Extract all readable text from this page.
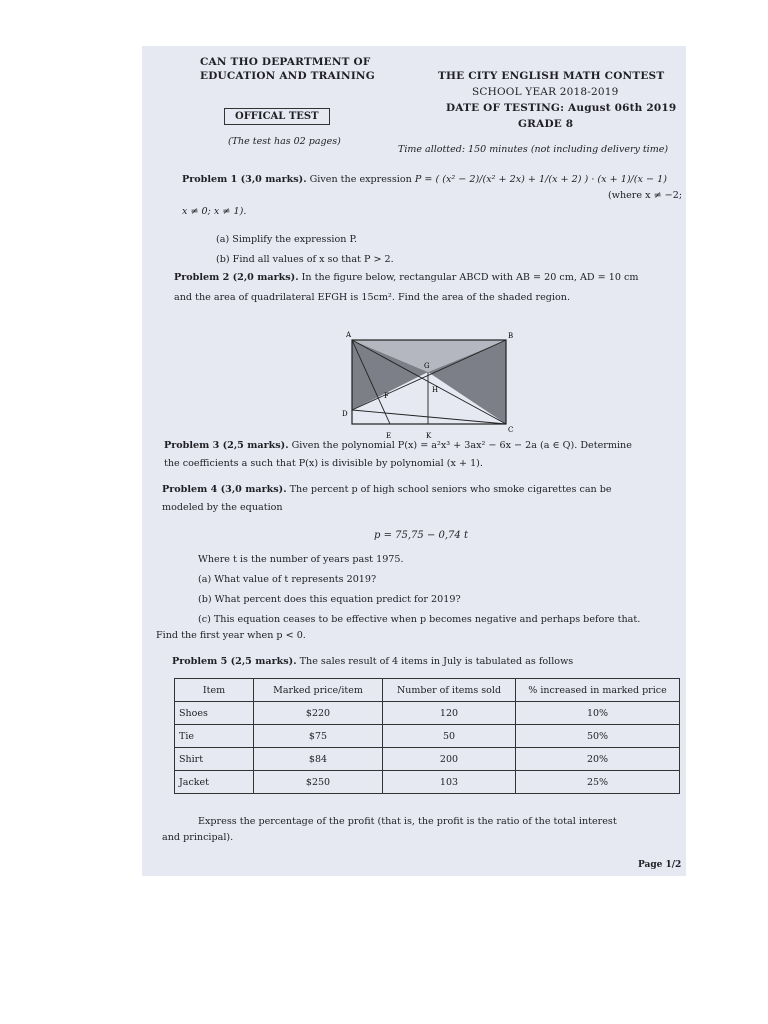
CAN THO DEPARTMENT OF
EDUCATION AND TRAINING
OFFICAL TEST
(The test has 02 pages)
THE CITY ENGLISH MATH CONTEST
SCHOOL YEAR 2018-2019
DATE OF TESTING: August 06th 2019
GRADE 8
Time allotted: 150 minutes (not including delivery time)
Problem 1 (3,0 marks). Given the expression P = ( (x² − 2)/(x² + 2x) + 1/(x + 2) ) · (x + 1)/(x − 1)
(where x ≠ −2;
x ≠ 0; x ≠ 1).
(a) Simplify the expression P.
(b) Find all values of x so that P > 2.
Problem 2 (2,0 marks). In the figure below, rectangular ABCD with AB = 20 cm, AD = 10 cm
and the area of quadrilateral EFGH is 15cm². Find the area of the shaded region.
A	B
C
D
E	K
F
G
H
Problem 3 (2,5 marks). Given the polynomial P(x) = a²x³ + 3ax² − 6x − 2a (a ∈ Q). Determine
the coefficients a such that P(x) is divisible by polynomial (x + 1).
Problem 4 (3,0 marks). The percent p of high school seniors who smoke cigarettes can be
modeled by the equation
p = 75,75 − 0,74 t
Where t is the number of years past 1975.
(a) What value of t represents 2019?
(b) What percent does this equation predict for 2019?
(c) This equation ceases to be effective when p becomes negative and perhaps before that.
Find the first year when p < 0.
Problem 5 (2,5 marks). The sales result of 4 items in July is tabulated as follows
Item	Marked price/item	Number of items sold	% increased in marked price
Shoes	$220	120	10%
Tie	$75	50	50%
Shirt	$84	200	20%
Jacket	$250	103	25%
Express the percentage of the profit (that is, the profit is the ratio of the total interest
and principal).
Page 1/2
